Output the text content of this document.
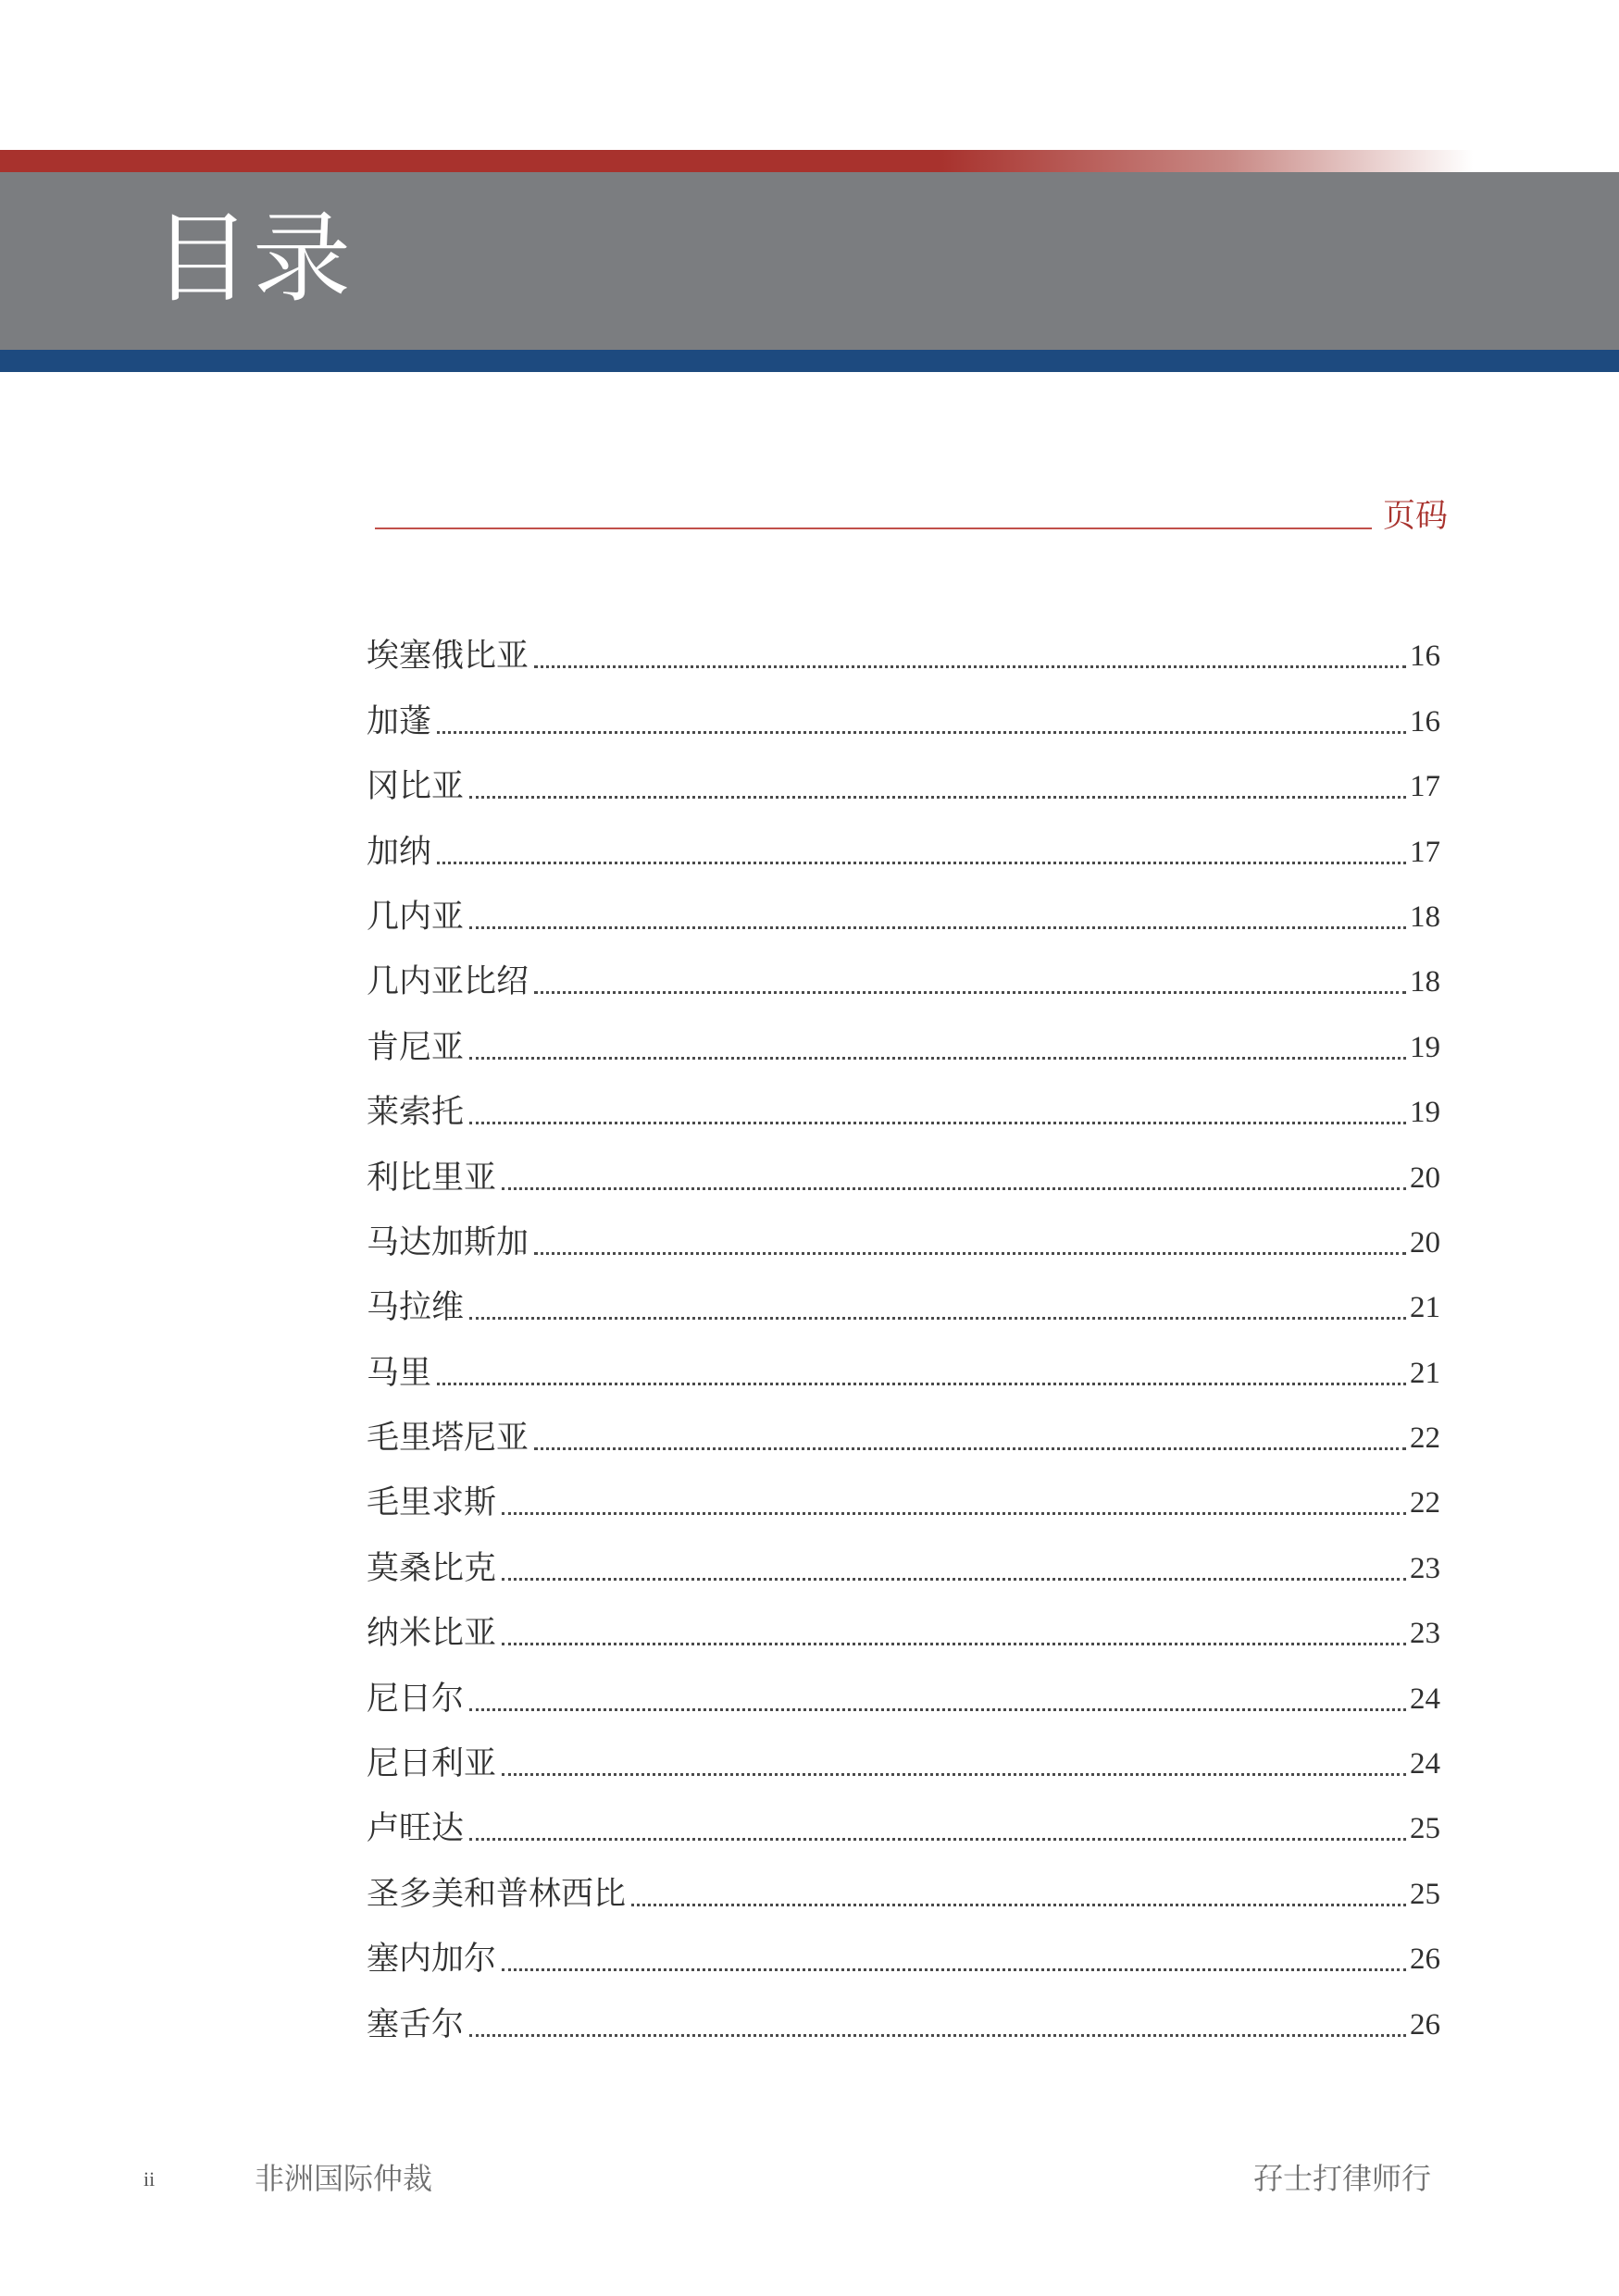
目录
页码
埃塞俄比亚	16
加蓬	16
冈比亚	17
加纳	17
几内亚	18
几内亚比绍	18
肯尼亚	19
莱索托	19
利比里亚	20
马达加斯加	20
马拉维	21
马里	21
毛里塔尼亚	22
毛里求斯	22
莫桑比克	23
纳米比亚	23
尼日尔	24
尼日利亚	24
卢旺达	25
圣多美和普林西比	25
塞内加尔	26
塞舌尔	26
ii	非洲国际仲裁	孖士打律师行
